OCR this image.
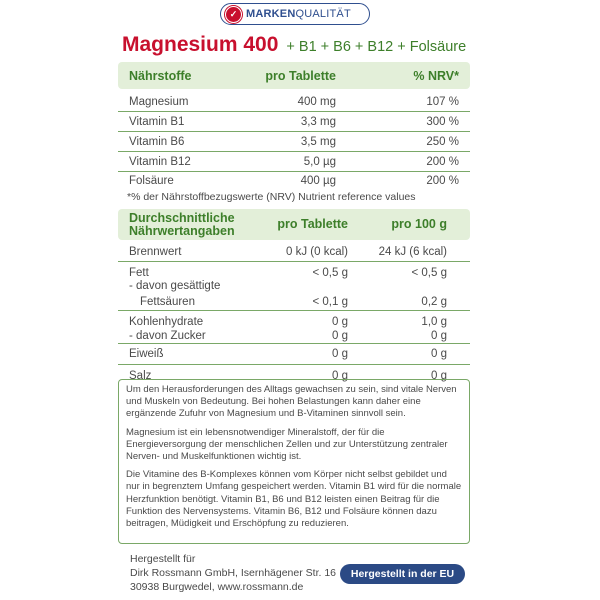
✓ MARKEN QUALITÄT
Magnesium 400 + B1 + B6 + B12 + Folsäure
Nährstoffe	pro Tablette	% NRV*
Magnesium	400 mg	107 %
Vitamin B1	3,3 mg	300 %
Vitamin B6	3,5 mg	250 %
Vitamin B12	5,0 µg	200 %
Folsäure	400 µg	200 %
*% der Nährstoffbezugswerte (NRV) Nutrient reference values
Durchschnittliche
Nährwertangaben	pro Tablette	pro 100 g
Brennwert	0 kJ (0 kcal)	24 kJ (6 kcal)
Fett	< 0,5 g	< 0,5 g
- davon gesättigte
Fettsäuren	< 0,1 g	0,2 g
Kohlenhydrate	0 g	1,0 g
- davon Zucker	0 g	0 g
Eiweiß	0 g	0 g
Salz	0 g	0 g

Um den Herausforderungen des Alltags gewachsen zu sein, sind vitale Nerven und Muskeln von Bedeutung. Bei hohen Belastungen kann daher eine ergänzende Zufuhr von Magnesium und B-Vitaminen sinnvoll sein.

Magnesium ist ein lebensnotwendiger Mineralstoff, der für die Energieversorgung der menschlichen Zellen und zur Unterstützung zentraler Nerven- und Muskelfunktionen wichtig ist.

Die Vitamine des B-Komplexes können vom Körper nicht selbst gebildet und nur in begrenztem Umfang gespeichert werden. Vitamin B1 wird für die normale Herzfunktion benötigt. Vitamin B1, B6 und B12 leisten einen Beitrag für die Funktion des Nervensystems. Vitamin B6, B12 und Folsäure können dazu beitragen, Müdigkeit und Erschöpfung zu reduzieren.

Hergestellt für
Dirk Rossmann GmbH, Isernhägener Str. 16
30938 Burgwedel, www.rossmann.de
Hergestellt in der EU
